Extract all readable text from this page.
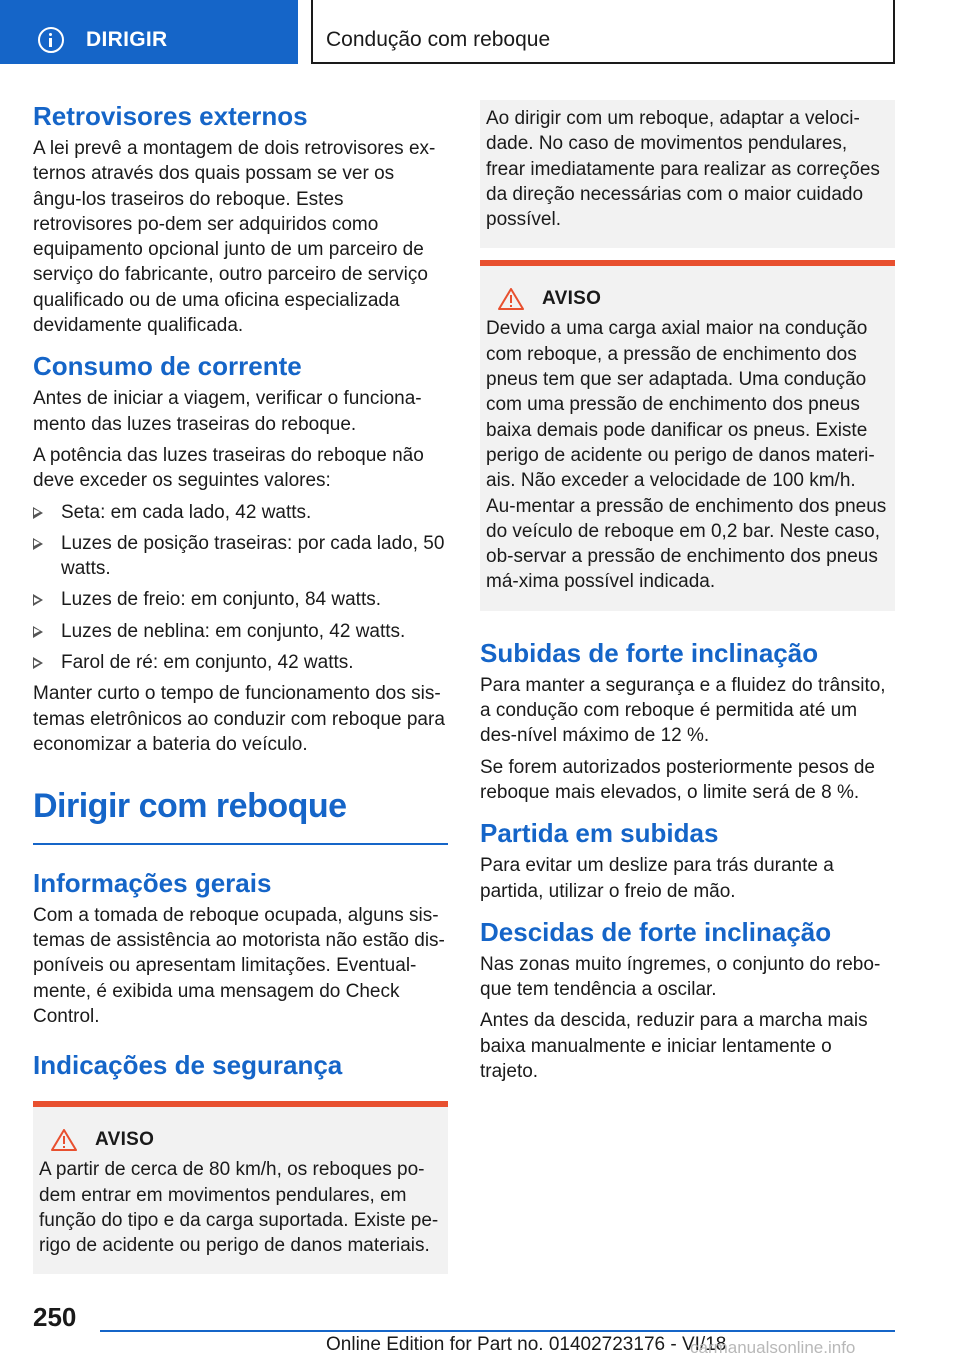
DIRIGIR	Condução com reboque
Retrovisores externos

A lei prevê a montagem de dois retrovisores ex-ternos através dos quais possam se ver os ângu-los traseiros do reboque. Estes retrovisores po-dem ser adquiridos como equipamento opcional junto de um parceiro de serviço do fabricante, outro parceiro de serviço qualificado ou de uma oficina especializada devidamente qualificada.

Consumo de corrente

Antes de iniciar a viagem, verificar o funciona-mento das luzes traseiras do reboque.

A potência das luzes traseiras do reboque não deve exceder os seguintes valores:

Seta: em cada lado, 42 watts.
Luzes de posição traseiras: por cada lado, 50 watts.
Luzes de freio: em conjunto, 84 watts.
Luzes de neblina: em conjunto, 42 watts.
Farol de ré: em conjunto, 42 watts.

Manter curto o tempo de funcionamento dos sis-temas eletrônicos ao conduzir com reboque para economizar a bateria do veículo.

Dirigir com reboque
Informações gerais

Com a tomada de reboque ocupada, alguns sis-temas de assistência ao motorista não estão dis-poníveis ou apresentam limitações. Eventual-mente, é exibida uma mensagem do Check Control.

Indicações de segurança
AVISO

A partir de cerca de 80 km/h, os reboques po-dem entrar em movimentos pendulares, em função do tipo e da carga suportada. Existe pe-rigo de acidente ou perigo de danos materiais.

Ao dirigir com um reboque, adaptar a veloci-dade. No caso de movimentos pendulares, frear imediatamente para realizar as correções da direção necessárias com o maior cuidado possível.

AVISO

Devido a uma carga axial maior na condução com reboque, a pressão de enchimento dos pneus tem que ser adaptada. Uma condução com uma pressão de enchimento dos pneus baixa demais pode danificar os pneus. Existe perigo de acidente ou perigo de danos materi-ais. Não exceder a velocidade de 100 km/h. Au-mentar a pressão de enchimento dos pneus do veículo de reboque em 0,2 bar. Neste caso, ob-servar a pressão de enchimento dos pneus má-xima possível indicada.

Subidas de forte inclinação

Para manter a segurança e a fluidez do trânsito, a condução com reboque é permitida até um des-nível máximo de 12 %.

Se forem autorizados posteriormente pesos de reboque mais elevados, o limite será de 8 %.

Partida em subidas

Para evitar um deslize para trás durante a partida, utilizar o freio de mão.

Descidas de forte inclinação

Nas zonas muito íngremes, o conjunto do rebo-que tem tendência a oscilar.

Antes da descida, reduzir para a marcha mais baixa manualmente e iniciar lentamente o trajeto.

250
Online Edition for Part no. 01402723176 - VI/18
carmanualsonline.info
